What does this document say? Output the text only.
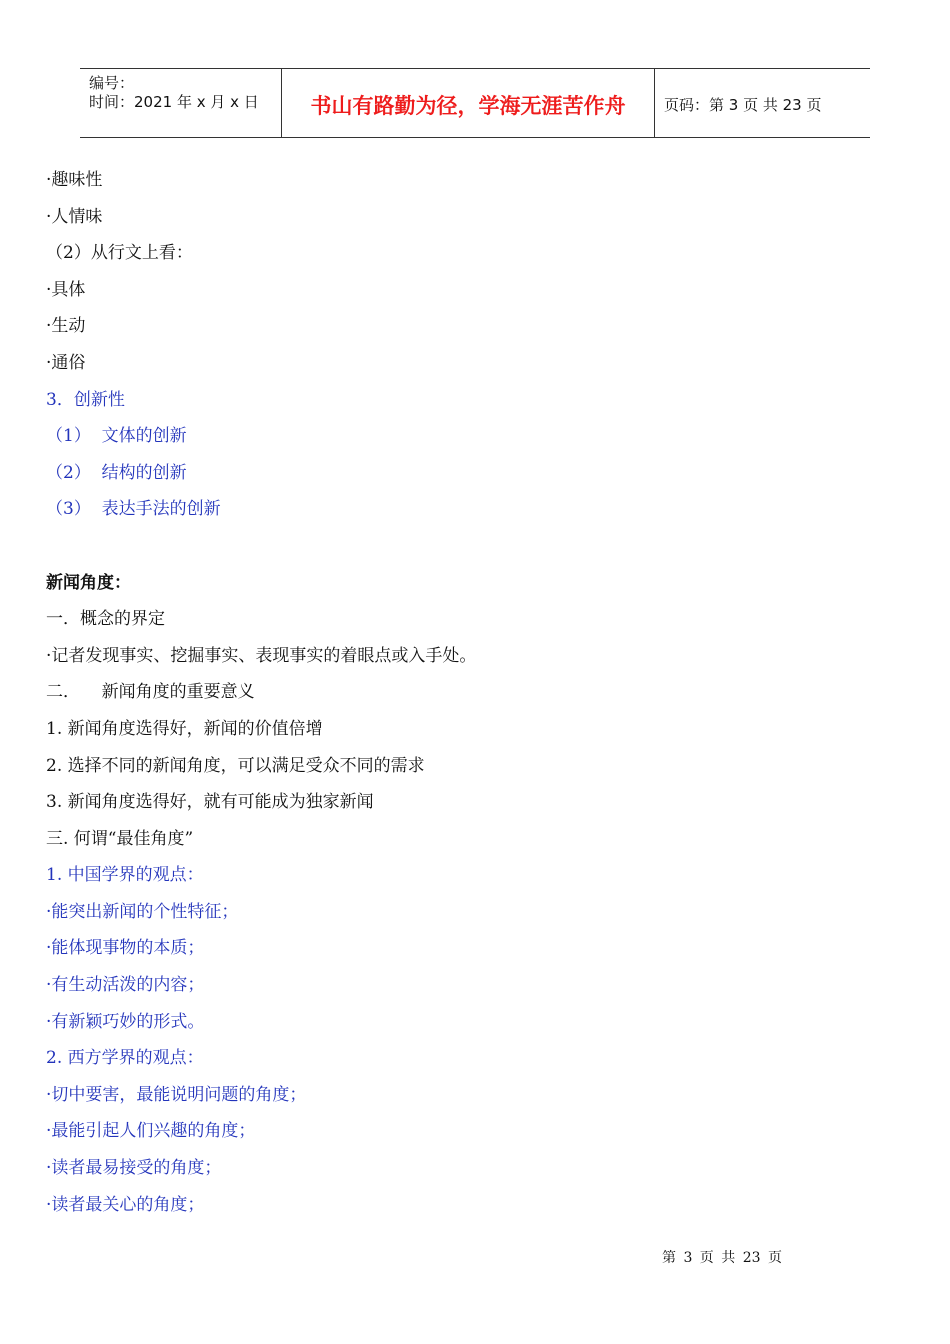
编号：
时间：2021 年 x 月 x 日	书山有路勤为径，学海无涯苦作舟	页码：第 3 页 共 23 页
·趣味性
·人情味
（2）从行文上看：
·具体
·生动
·通俗
3．创新性
（1）  文体的创新
（2）  结构的创新
（3）  表达手法的创新
新闻角度：
一．概念的界定
·记者发现事实、挖掘事实、表现事实的着眼点或入手处。
二．    新闻角度的重要意义
1. 新闻角度选得好，新闻的价值倍增
2. 选择不同的新闻角度，可以满足受众不同的需求
3. 新闻角度选得好，就有可能成为独家新闻
三. 何谓“最佳角度”
1. 中国学界的观点：
·能突出新闻的个性特征；
·能体现事物的本质；
·有生动活泼的内容；
·有新颖巧妙的形式。
2. 西方学界的观点：
·切中要害，最能说明问题的角度；
·最能引起人们兴趣的角度；
·读者最易接受的角度；
·读者最关心的角度；
第 3 页 共 23 页
